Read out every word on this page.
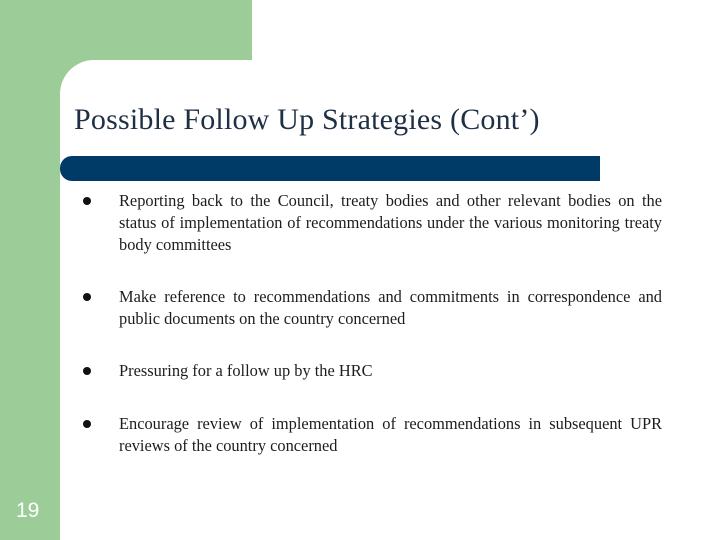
Possible Follow Up Strategies (Cont’)
Reporting back to the Council, treaty bodies and other relevant bodies on the status of implementation of recommendations under the various monitoring treaty body committees
Make reference to recommendations and commitments in correspondence and public documents on the country concerned
Pressuring for a follow up by the HRC
Encourage review of implementation of recommendations in subsequent UPR reviews of the country concerned
19
